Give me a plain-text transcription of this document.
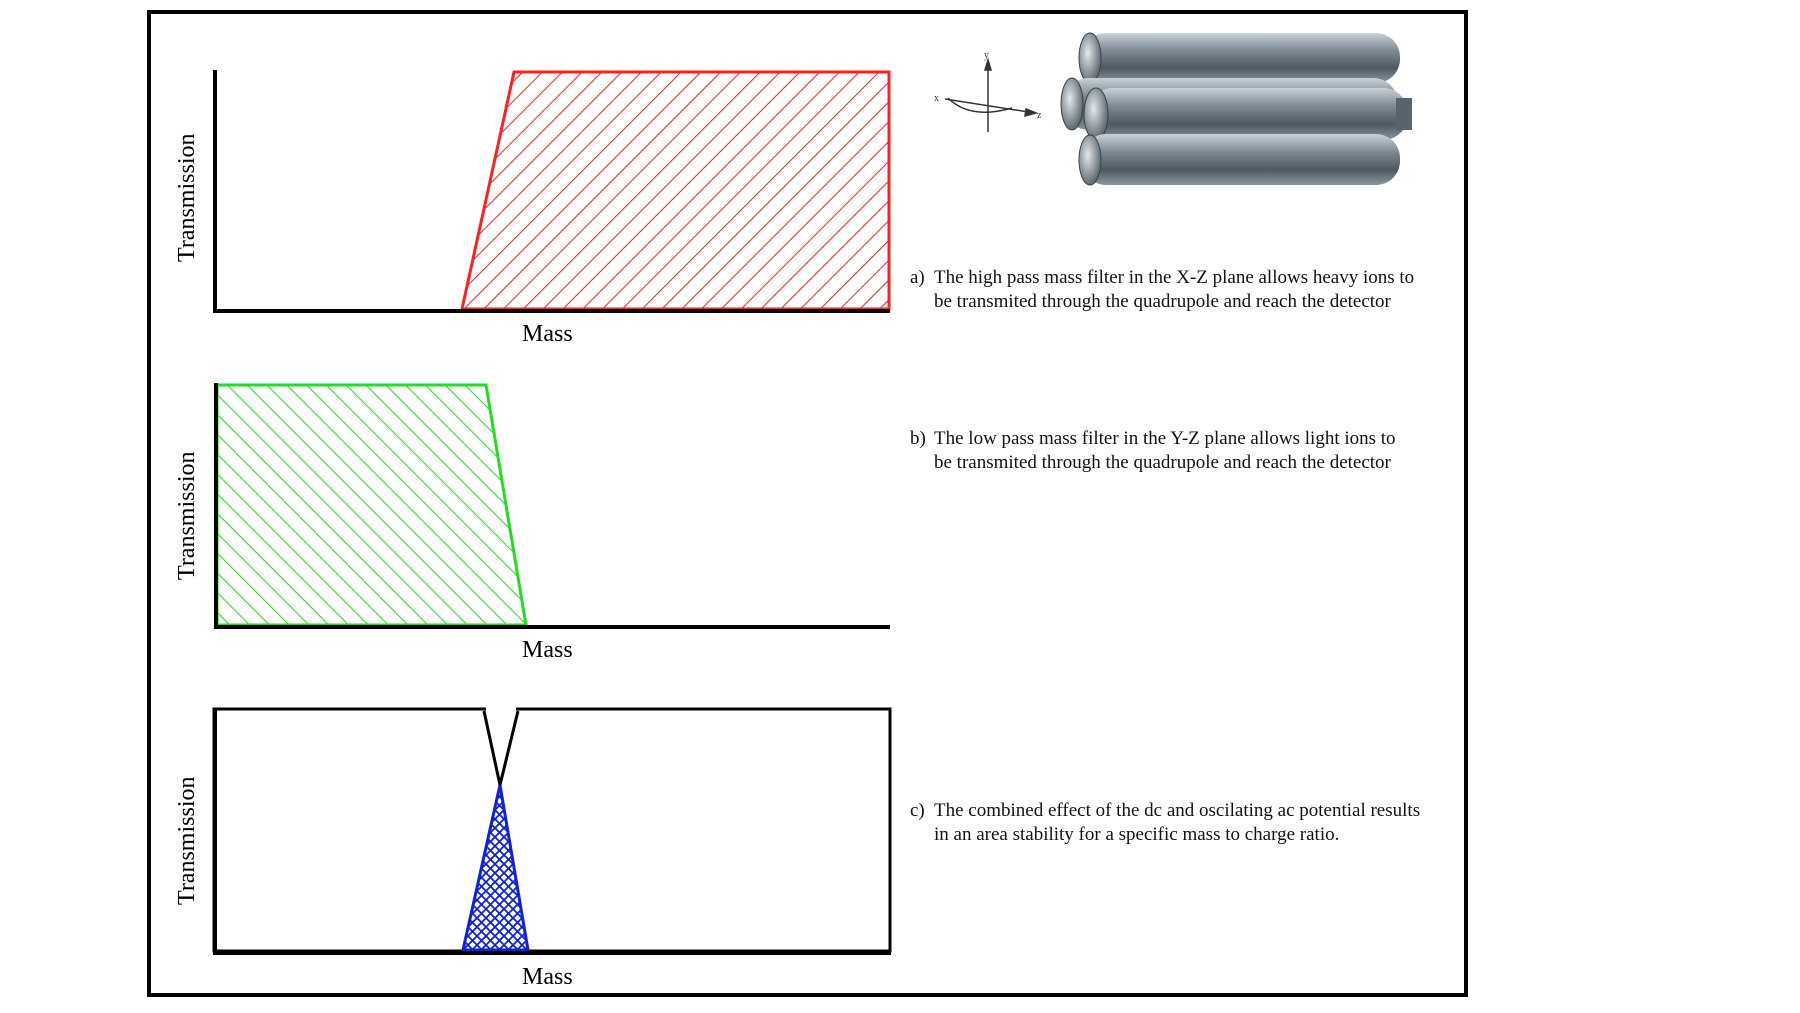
Mass
Transmission
Mass
Transmission
Mass
Transmission
y
x
z
a) The high pass mass filter in the X-Z plane allows heavy ions to
be transmited through the quadrupole and reach the detector
b) The low pass mass filter in the Y-Z plane allows light ions to
be transmited through the quadrupole and reach the detector
c) The combined effect of the dc and oscilating ac potential results
in an area stability for a specific mass to charge ratio.
